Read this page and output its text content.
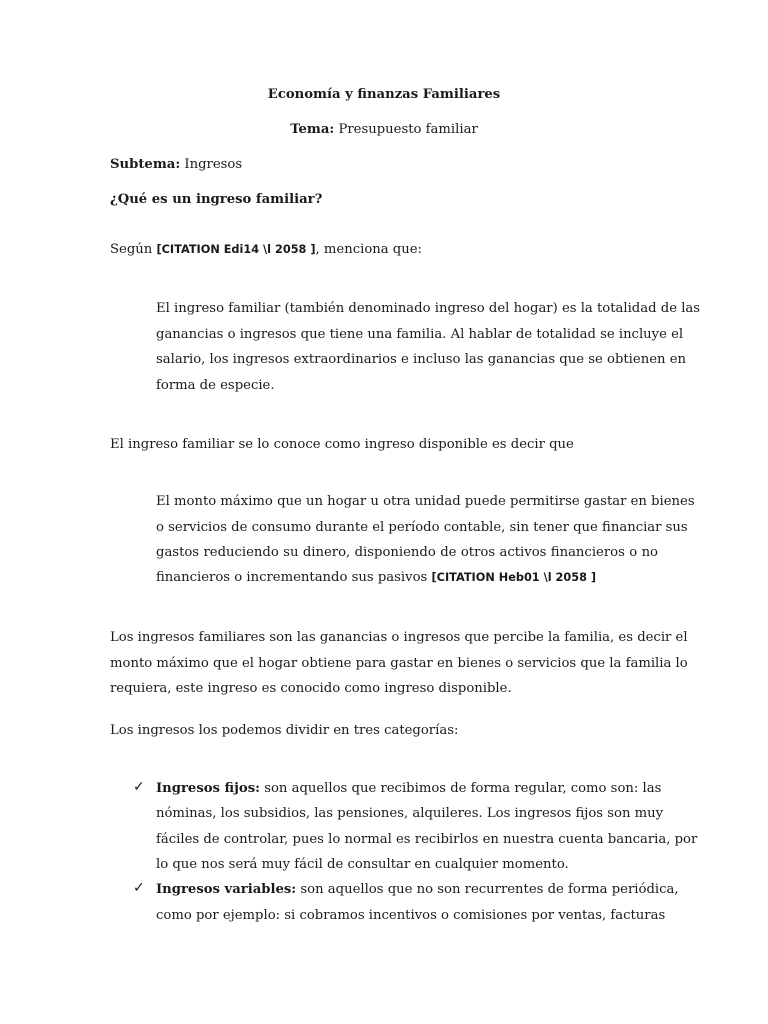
Economía y finanzas Familiares
Tema: Presupuesto familiar
Subtema: Ingresos
¿Qué es un ingreso familiar?
Según [CITATION Edi14 \l 2058 ], menciona que:
El ingreso familiar (también denominado ingreso del hogar) es la totalidad de las
ganancias o ingresos que tiene una familia. Al hablar de totalidad se incluye el
salario, los ingresos extraordinarios e incluso las ganancias que se obtienen en
forma de especie.
El ingreso familiar se lo conoce como ingreso disponible es decir que
El monto máximo que un hogar u otra unidad puede permitirse gastar en bienes
o servicios de consumo durante el período contable, sin tener que financiar sus
gastos reduciendo su dinero, disponiendo de otros activos financieros o no
financieros o incrementando sus pasivos [CITATION Heb01 \l 2058 ]
Los ingresos familiares son las ganancias o ingresos que percibe la familia, es decir el
monto máximo que el hogar obtiene para gastar en bienes o servicios que la familia lo
requiera, este ingreso es conocido como ingreso disponible.
Los ingresos los podemos dividir en tres categorías:
✓ Ingresos fijos: son aquellos que recibimos de forma regular, como son: las
nóminas, los subsidios, las pensiones, alquileres. Los ingresos fijos son muy
fáciles de controlar, pues lo normal es recibirlos en nuestra cuenta bancaria, por
lo que nos será muy fácil de consultar en cualquier momento.
✓ Ingresos variables: son aquellos que no son recurrentes de forma periódica,
como por ejemplo: si cobramos incentivos o comisiones por ventas, facturas
